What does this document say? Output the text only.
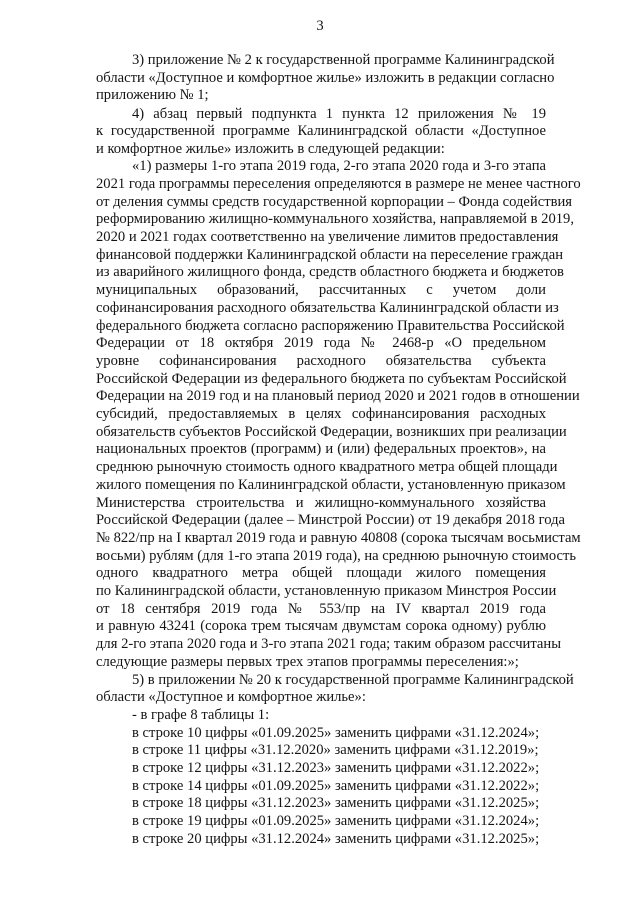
3
3) приложение № 2 к государственной программе Калининградской
области «Доступное и комфортное жилье» изложить в редакции согласно
приложению № 1;
4) абзац первый подпункта 1 пункта 12 приложения № 19
к государственной программе Калининградской области «Доступное
и комфортное жилье» изложить в следующей редакции:
«1) размеры 1-го этапа 2019 года, 2-го этапа 2020 года и 3-го этапа
2021 года программы переселения определяются в размере не менее частного
от деления суммы средств государственной корпорации – Фонда содействия
реформированию жилищно-коммунального хозяйства, направляемой в 2019,
2020 и 2021 годах соответственно на увеличение лимитов предоставления
финансовой поддержки Калининградской области на переселение граждан
из аварийного жилищного фонда, средств областного бюджета и бюджетов
муниципальных образований, рассчитанных с учетом доли
софинансирования расходного обязательства Калининградской области из
федерального бюджета согласно распоряжению Правительства Российской
Федерации от 18 октября 2019 года № 2468-р «О предельном
уровне софинансирования расходного обязательства субъекта
Российской Федерации из федерального бюджета по субъектам Российской
Федерации на 2019 год и на плановый период 2020 и 2021 годов в отношении
субсидий, предоставляемых в целях софинансирования расходных
обязательств субъектов Российской Федерации, возникших при реализации
национальных проектов (программ) и (или) федеральных проектов», на
среднюю рыночную стоимость одного квадратного метра общей площади
жилого помещения по Калининградской области, установленную приказом
Министерства строительства и жилищно-коммунального хозяйства
Российской Федерации (далее – Минстрой России) от 19 декабря 2018 года
№ 822/пр на I квартал 2019 года и равную 40808 (сорока тысячам восьмистам
восьми) рублям (для 1-го этапа 2019 года), на среднюю рыночную стоимость
одного квадратного метра общей площади жилого помещения
по Калининградской области, установленную приказом Минстроя России
от 18 сентября 2019 года № 553/пр на IV квартал 2019 года
и равную 43241 (сорока трем тысячам двумстам сорока одному) рублю
для 2-го этапа 2020 года и 3-го этапа 2021 года; таким образом рассчитаны
следующие размеры первых трех этапов программы переселения:»;
5) в приложении № 20 к государственной программе Калининградской
области «Доступное и комфортное жилье»:
- в графе 8 таблицы 1:
в строке 10 цифры «01.09.2025» заменить цифрами «31.12.2024»;
в строке 11 цифры «31.12.2020» заменить цифрами «31.12.2019»;
в строке 12 цифры «31.12.2023» заменить цифрами «31.12.2022»;
в строке 14 цифры «01.09.2025» заменить цифрами «31.12.2022»;
в строке 18 цифры «31.12.2023» заменить цифрами «31.12.2025»;
в строке 19 цифры «01.09.2025» заменить цифрами «31.12.2024»;
в строке 20 цифры «31.12.2024» заменить цифрами «31.12.2025»;
